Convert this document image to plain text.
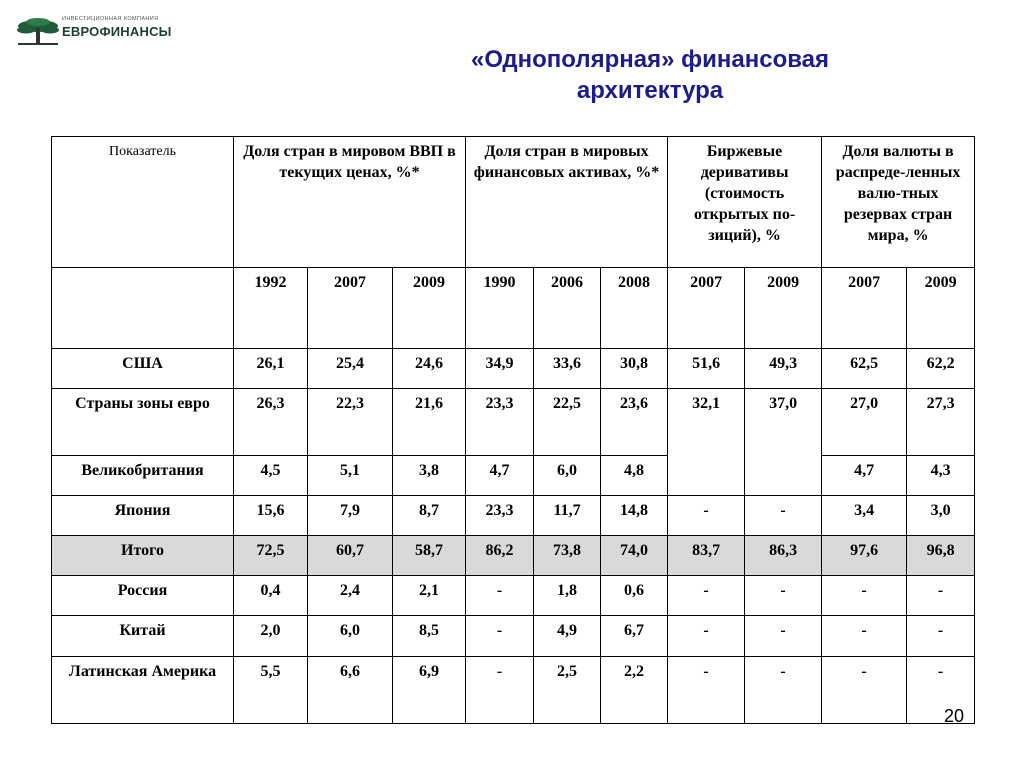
ИНВЕСТИЦИОННАЯ КОМПАНИЯ
ЕВРОФИНАНСЫ
«Однополярная» финансовая архитектура
Показатель	Доля стран в мировом ВВП в текущих ценах, %*			Доля стран в мировых финансовых активах, %*			Биржевые деривативы (стоимость открытых по-зиций), %		Доля валюты в распреде-ленных валю-тных резервах стран мира, %	
	1992	2007	2009	1990	2006	2008	2007	2009	2007	2009
США	26,1	25,4	24,6	34,9	33,6	30,8	51,6	49,3	62,5	62,2
Страны зоны евро	26,3	22,3	21,6	23,3	22,5	23,6	32,1	37,0	27,0	27,3
Великобритания	4,5	5,1	3,8	4,7	6,0	4,8			4,7	4,3
Япония	15,6	7,9	8,7	23,3	11,7	14,8	-	-	3,4	3,0
Итого	72,5	60,7	58,7	86,2	73,8	74,0	83,7	86,3	97,6	96,8
Россия	0,4	2,4	2,1	-	1,8	0,6	-	-	-	-
Китай	2,0	6,0	8,5	-	4,9	6,7	-	-	-	-
Латинская Америка	5,5	6,6	6,9	-	2,5	2,2	-	-	-	-
20
